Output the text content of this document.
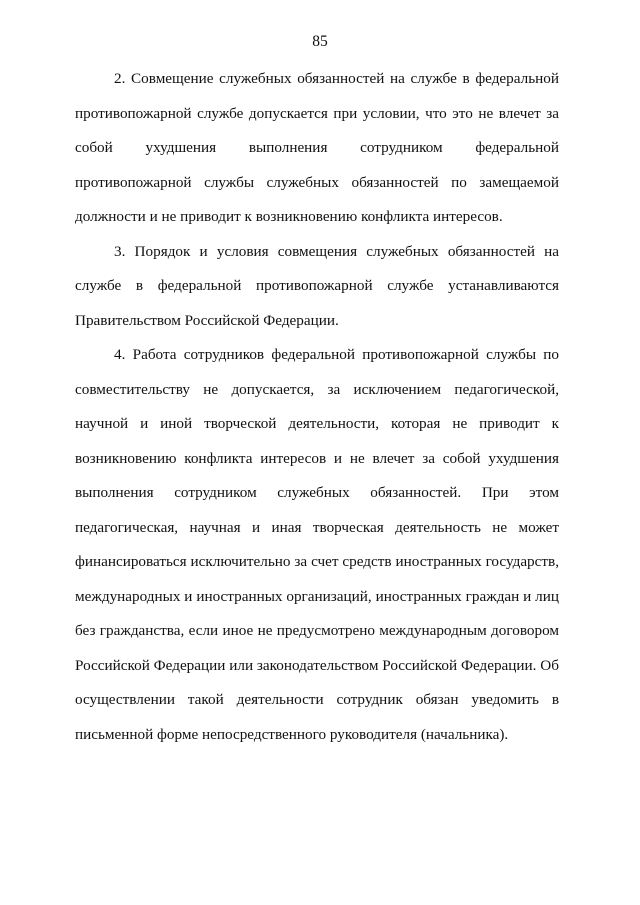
85

2. Совмещение служебных обязанностей на службе в федеральной противопожарной службе допускается при условии, что это не влечет за собой ухудшения выполнения сотрудником федеральной противопожарной службы служебных обязанностей по замещаемой должности и не приводит к возникновению конфликта интересов.

3. Порядок и условия совмещения служебных обязанностей на службе в федеральной противопожарной службе устанавливаются Правительством Российской Федерации.

4. Работа сотрудников федеральной противопожарной службы по совместительству не допускается, за исключением педагогической, научной и иной творческой деятельности, которая не приводит к возникновению конфликта интересов и не влечет за собой ухудшения выполнения сотрудником служебных обязанностей. При этом педагогическая, научная и иная творческая деятельность не может финансироваться исключительно за счет средств иностранных государств, международных и иностранных организаций, иностранных граждан и лиц без гражданства, если иное не предусмотрено международным договором Российской Федерации или законодательством Российской Федерации. Об осуществлении такой деятельности сотрудник обязан уведомить в письменной форме непосредственного руководителя (начальника).
